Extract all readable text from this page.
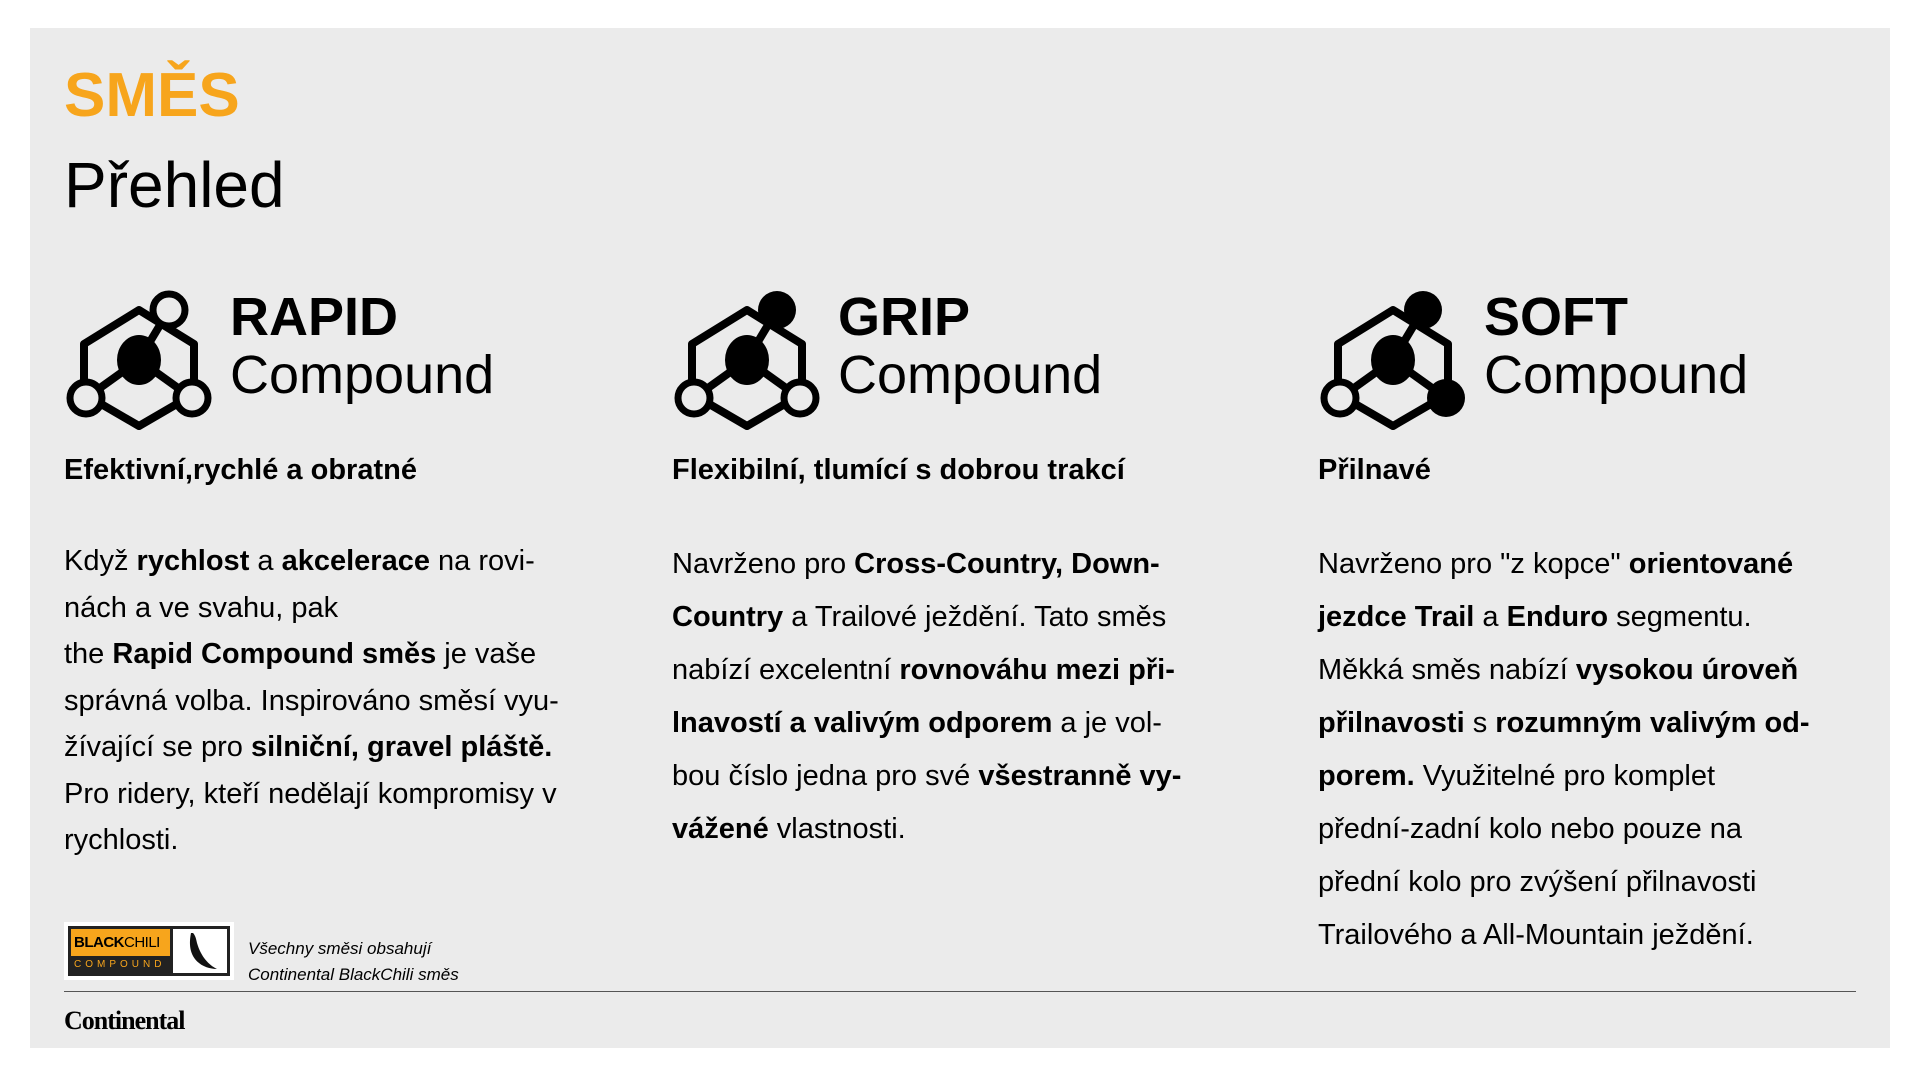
SMĚS
Přehled
RAPID
Compound
Efektivní,rychlé a obratné
Když rychlost a akcelerace na rovi-
nách a ve svahu, pak
the Rapid Compound směs je vaše
správná volba. Inspirováno směsí vyu-
žívající se pro silniční, gravel pláště.
Pro ridery, kteří nedělají kompromisy v
rychlosti.
GRIP
Compound
Flexibilní, tlumící s dobrou trakcí
Navrženo pro Cross-Country, Down-
Country a Trailové ježdění. Tato směs
nabízí excelentní rovnováhu mezi při-
lnavostí a valivým odporem a je vol-
bou číslo jedna pro své všestranně vy-
vážené vlastnosti.
SOFT
Compound
Přilnavé
Navrženo pro "z kopce" orientované
jezdce Trail a Enduro segmentu.
Měkká směs nabízí vysokou úroveň
přilnavosti s rozumným valivým od-
porem. Využitelné pro komplet
přední-zadní kolo nebo pouze na
přední kolo pro zvýšení přilnavosti
Trailového a All-Mountain ježdění.
BLACKCHILI
COMPOUND
Všechny směsi obsahují
Continental BlackChili směs
Continental
